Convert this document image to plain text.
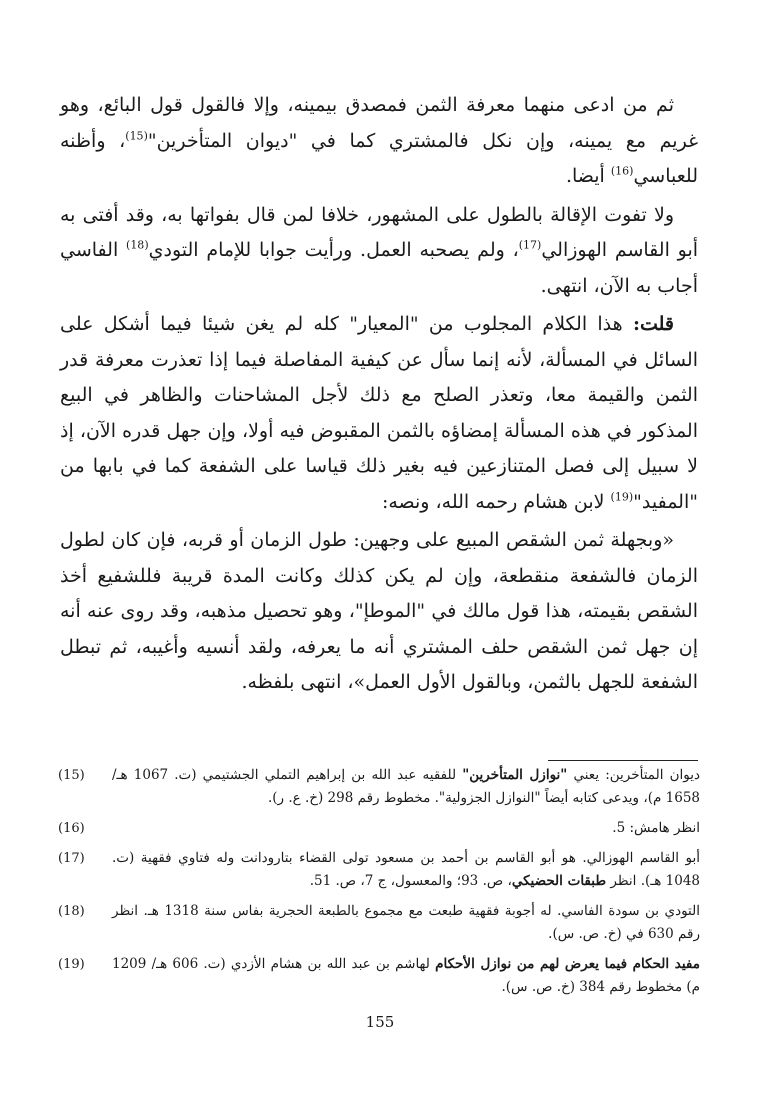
ثم من ادعى منهما معرفة الثمن فمصدق بيمينه، وإلا فالقول قول البائع، وهو غريم مع يمينه، وإن نكل فالمشتري كما في "ديوان المتأخرين"$^{(15)}$، وأظنه للعباسي$^{(16)}$ أيضا.

ولا تفوت الإقالة بالطول على المشهور، خلافا لمن قال بفواتها به، وقد أفتى به أبو القاسم الهوزالي$^{(17)}$، ولم يصحبه العمل. ورأيت جوابا للإمام التودي$^{(18)}$ الفاسي أجاب به الآن، انتهى.

قلت: هذا الكلام المجلوب من "المعيار" كله لم يغن شيئا فيما أشكل على السائل في المسألة، لأنه إنما سأل عن كيفية المفاصلة فيما إذا تعذرت معرفة قدر الثمن والقيمة معا، وتعذر الصلح مع ذلك لأجل المشاحنات والظاهر في البيع المذكور في هذه المسألة إمضاؤه بالثمن المقبوض فيه أولا، وإن جهل قدره الآن، إذ لا سبيل إلى فصل المتنازعين فيه بغير ذلك قياسا على الشفعة كما في بابها من "المفيد"$^{(19)}$ لابن هشام رحمه الله، ونصه:

«وبجهلة ثمن الشقص المبيع على وجهين: طول الزمان أو قربه، فإن كان لطول الزمان فالشفعة منقطعة، وإن لم يكن كذلك وكانت المدة قريبة فللشفيع أخذ الشقص بقيمته، هذا قول مالك في "الموطإ"، وهو تحصيل مذهبه، وقد روى عنه أنه إن جهل ثمن الشقص حلف المشتري أنه ما يعرفه، ولقد أنسيه وأغيبه، ثم تبطل الشفعة للجهل بالثمن، وبالقول الأول العمل»، انتهى بلفظه.

ديوان المتأخرين: يعني "نوازل المتأخرين" للفقيه عبد الله بن إبراهيم التملي الجشتيمي (ت. 1067 هـ/ 1658 م)، ويدعى كتابه أيضاً "النوازل الجزولية". مخطوط رقم 298 (خ. ع. ر).
(15)
انظر هامش: 5.
(16)
أبو القاسم الهوزالي. هو أبو القاسم بن أحمد بن مسعود تولى القضاء بتارودانت وله فتاوي فقهية (ت. 1048 هـ). انظر طبقات الحضيكي، ص. 93؛ والمعسول، ج 7، ص. 51.
(17)
التودي بن سودة الفاسي. له أجوبة فقهية طبعت مع مجموع بالطبعة الحجرية بفاس سنة 1318 هـ. انظر رقم 630 في (خ. ص. س).
(18)
مفيد الحكام فيما يعرض لهم من نوازل الأحكام لهاشم بن عبد الله بن هشام الأزدي (ت. 606 هـ/ 1209 م) مخطوط رقم 384 (خ. ص. س).
(19)
155
